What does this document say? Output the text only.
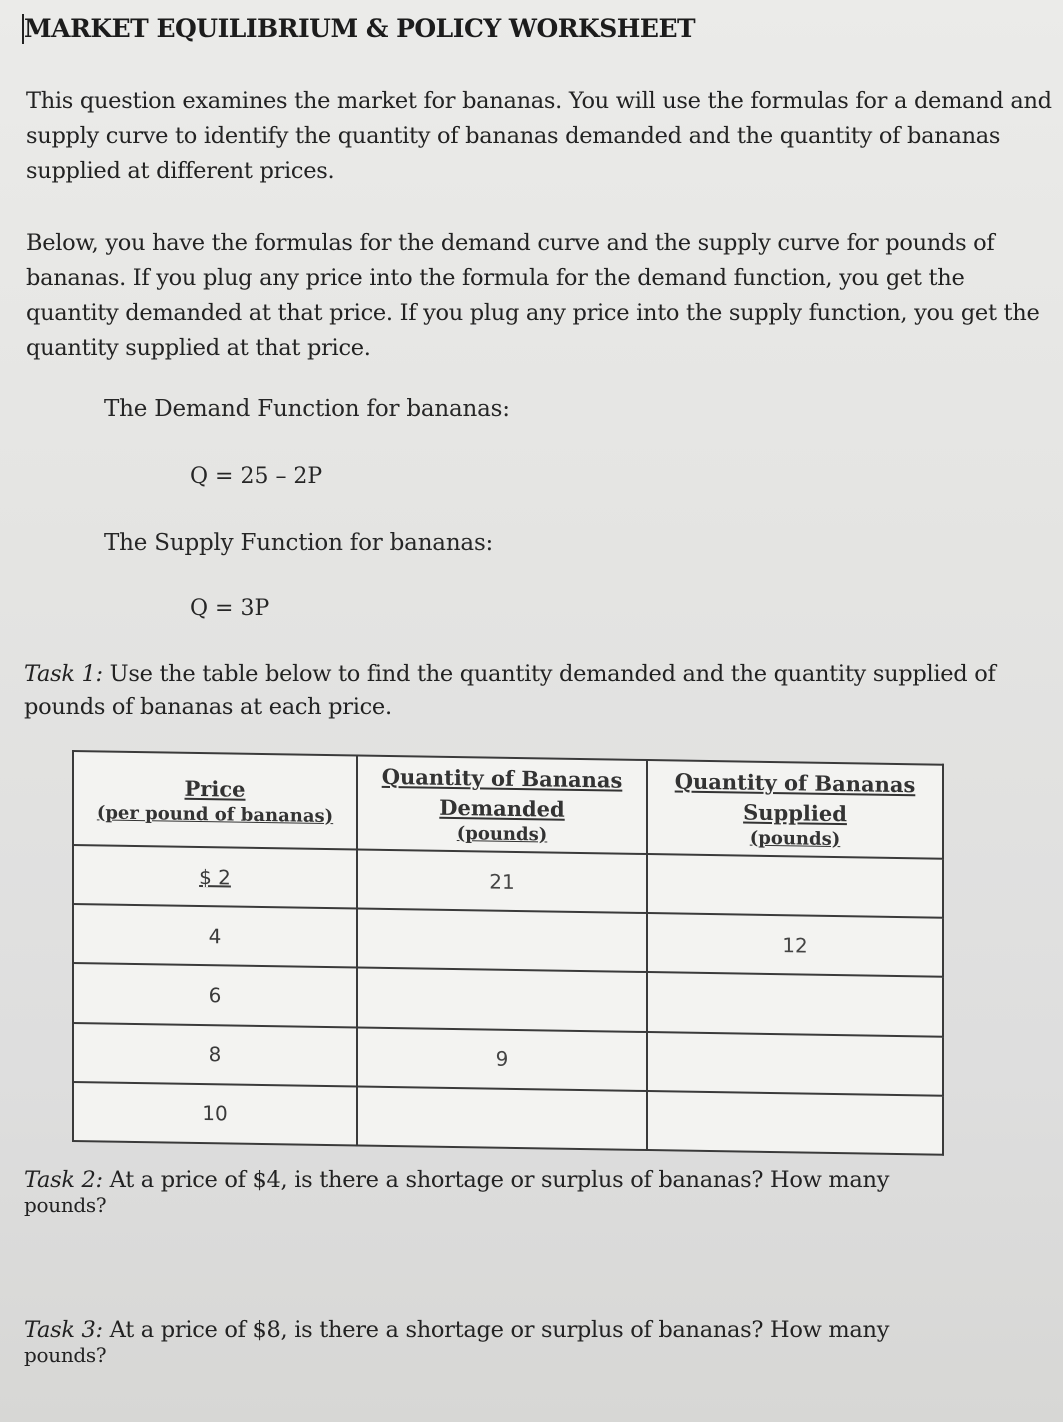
MARKET EQUILIBRIUM & POLICY WORKSHEET
This question examines the market for bananas. You will use the formulas for a demand and supply curve to identify the quantity of bananas demanded and the quantity of bananas supplied at different prices.
Below, you have the formulas for the demand curve and the supply curve for pounds of bananas. If you plug any price into the formula for the demand function, you get the quantity demanded at that price. If you plug any price into the supply function, you get the quantity supplied at that price.
The Demand Function for bananas:
Q = 25 – 2P
The Supply Function for bananas:
Q = 3P
Task 1: Use the table below to find the quantity demanded and the quantity supplied of pounds of bananas at each price.
Price
(per pound of bananas)	Quantity of Bananas
Demanded
(pounds)	Quantity of Bananas
Supplied
(pounds)

$ 2	21	
4		12
6		
8	9	
10		
Task 2: At a price of $4, is there a shortage or surplus of bananas? How many
pounds?
Task 3: At a price of $8, is there a shortage or surplus of bananas? How many
pounds?
